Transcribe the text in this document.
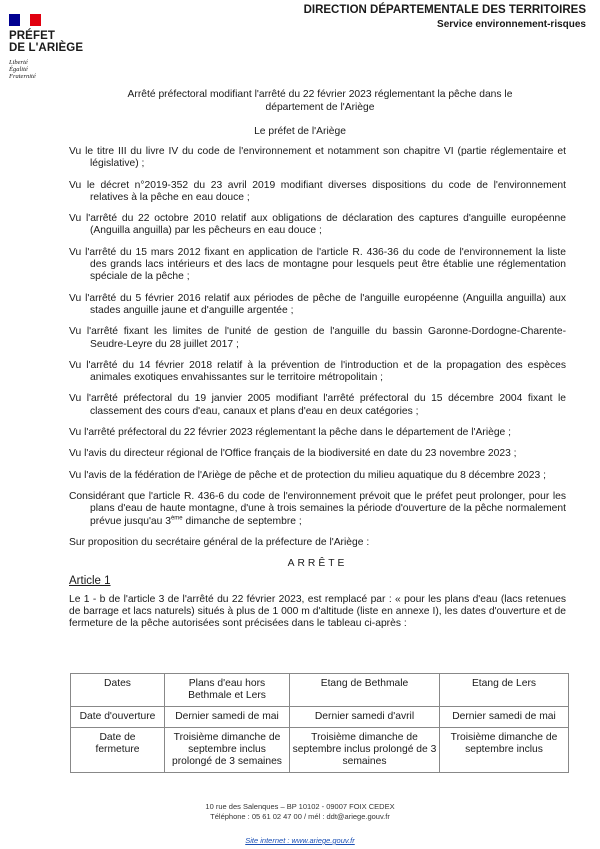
PRÉFET
DE L'ARIÈGE
Liberté
Égalité
Fraternité
DIRECTION DÉPARTEMENTALE DES TERRITOIRES
Service environnement-risques
Arrêté préfectoral modifiant l'arrêté du 22 février 2023 réglementant la pêche dans le
département de l'Ariège
Le préfet de l'Ariège
Vu le titre III du livre IV du code de l'environnement et notamment son chapitre VI (partie réglementaire et législative) ;
Vu le décret n°2019-352 du 23 avril 2019 modifiant diverses dispositions du code de l'environnement relatives à la pêche en eau douce ;
Vu l'arrêté du 22 octobre 2010 relatif aux obligations de déclaration des captures d'anguille européenne (Anguilla anguilla) par les pêcheurs en eau douce ;
Vu l'arrêté du 15 mars 2012 fixant en application de l'article R. 436-36 du code de l'environnement la liste des grands lacs intérieurs et des lacs de montagne pour lesquels peut être établie une réglementation spéciale de la pêche ;
Vu l'arrêté du 5 février 2016 relatif aux périodes de pêche de l'anguille européenne (Anguilla anguilla) aux stades anguille jaune et d'anguille argentée ;
Vu l'arrêté fixant les limites de l'unité de gestion de l'anguille du bassin Garonne-Dordogne-Charente-Seudre-Leyre du 28 juillet 2017 ;
Vu l'arrêté du 14 février 2018 relatif à la prévention de l'introduction et de la propagation des espèces animales exotiques envahissantes sur le territoire métropolitain ;
Vu l'arrêté préfectoral du 19 janvier 2005 modifiant l'arrêté préfectoral du 15 décembre 2004 fixant le classement des cours d'eau, canaux et plans d'eau en deux catégories ;
Vu l'arrêté préfectoral du 22 février 2023 réglementant la pêche dans le département de l'Ariège ;
Vu l'avis du directeur régional de l'Office français de la biodiversité en date du 23 novembre 2023 ;
Vu l'avis de la fédération de l'Ariège de pêche et de protection du milieu aquatique du 8 décembre 2023 ;
Considérant que l'article R. 436-6 du code de l'environnement prévoit que le préfet peut prolonger, pour les plans d'eau de haute montagne, d'une à trois semaines la période d'ouverture de la pêche normalement prévue jusqu'au 3ème dimanche de septembre ;
Sur proposition du secrétaire général de la préfecture de l'Ariège :
ARRÊTE
Article 1
Le 1 - b de l'article 3 de l'arrêté du 22 février 2023, est remplacé par : « pour les plans d'eau (lacs retenues de barrage et lacs naturels) situés à plus de 1 000 m d'altitude (liste en annexe I), les dates d'ouverture et de fermeture de la pêche autorisées sont précisées dans le tableau ci-après :
Dates	Plans d'eau hors Bethmale et Lers	Etang de Bethmale	Etang de Lers
Date d'ouverture	Dernier samedi de mai	Dernier samedi d'avril	Dernier samedi de mai
Date de fermeture	Troisième dimanche de septembre inclus prolongé de 3 semaines	Troisième dimanche de septembre inclus prolongé de 3 semaines	Troisième dimanche de septembre inclus
10 rue des Salenques – BP 10102 - 09007 FOIX CEDEX
Téléphone : 05 61 02 47 00 / mél : ddt@ariege.gouv.fr
Site internet : www.ariege.gouv.fr
